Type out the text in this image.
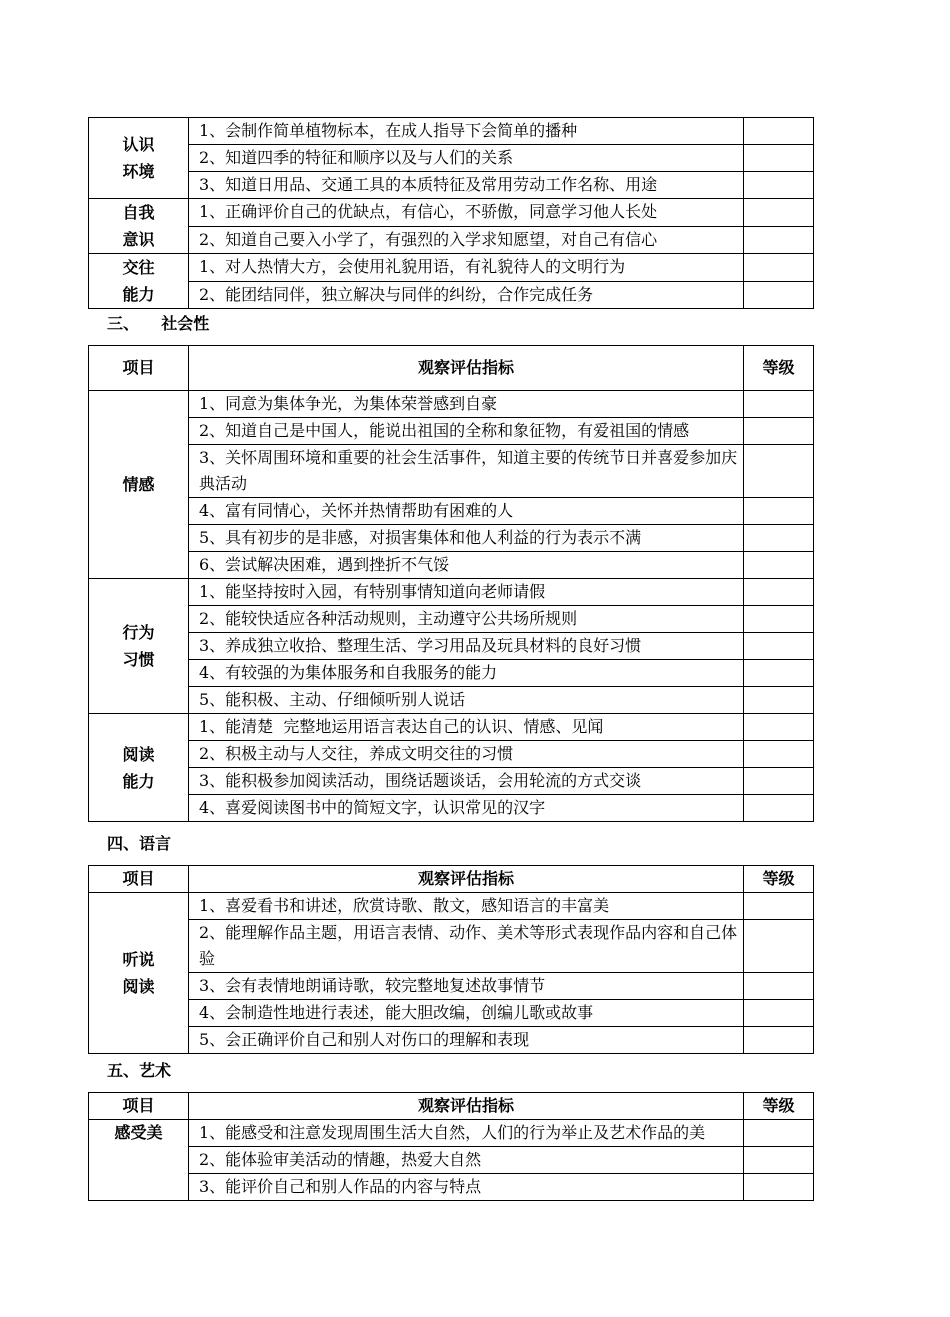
认识
环境	1、会制作简单植物标本，在成人指导下会简单的播种	
	2、知道四季的特征和顺序以及与人们的关系	
	3、知道日用品、交通工具的本质特征及常用劳动工作名称、用途	
自我
意识	1、正确评价自己的优缺点，有信心，不骄傲，同意学习他人长处	
	2、知道自己要入小学了，有强烈的入学求知愿望，对自己有信心	
交往
能力	1、对人热情大方，会使用礼貌用语，有礼貌待人的文明行为	
	2、能团结同伴，独立解决与同伴的纠纷，合作完成任务	
三、    社会性
项目	观察评估指标	等级
情感	1、同意为集体争光，为集体荣誉感到自豪	
	2、知道自己是中国人，能说出祖国的全称和象征物，有爱祖国的情感	
	3、关怀周围环境和重要的社会生活事件，知道主要的传统节日并喜爱参加庆典活动	
	4、富有同情心，关怀并热情帮助有困难的人	
	5、具有初步的是非感，对损害集体和他人利益的行为表示不满	
	6、尝试解决困难，遇到挫折不气馁	
行为
习惯	1、能坚持按时入园，有特别事情知道向老师请假	
	2、能较快适应各种活动规则，主动遵守公共场所规则	
	3、养成独立收拾、整理生活、学习用品及玩具材料的良好习惯	
	4、有较强的为集体服务和自我服务的能力	
	5、能积极、主动、仔细倾听别人说话	
阅读
能力	1、能清楚  完整地运用语言表达自己的认识、情感、见闻	
	2、积极主动与人交往，养成文明交往的习惯	
	3、能积极参加阅读活动，围绕话题谈话，会用轮流的方式交谈	
	4、喜爱阅读图书中的简短文字，认识常见的汉字	
四、语言
项目	观察评估指标	等级
听说
阅读	1、喜爱看书和讲述，欣赏诗歌、散文，感知语言的丰富美	
	2、能理解作品主题，用语言表情、动作、美术等形式表现作品内容和自己体验	
	3、会有表情地朗诵诗歌，较完整地复述故事情节	
	4、会制造性地进行表述，能大胆改编，创编儿歌或故事	
	5、会正确评价自己和别人对伤口的理解和表现	
五、艺术
项目	观察评估指标	等级
感受美	1、能感受和注意发现周围生活大自然，人们的行为举止及艺术作品的美	
	2、能体验审美活动的情趣，热爱大自然	
	3、能评价自己和别人作品的内容与特点	
